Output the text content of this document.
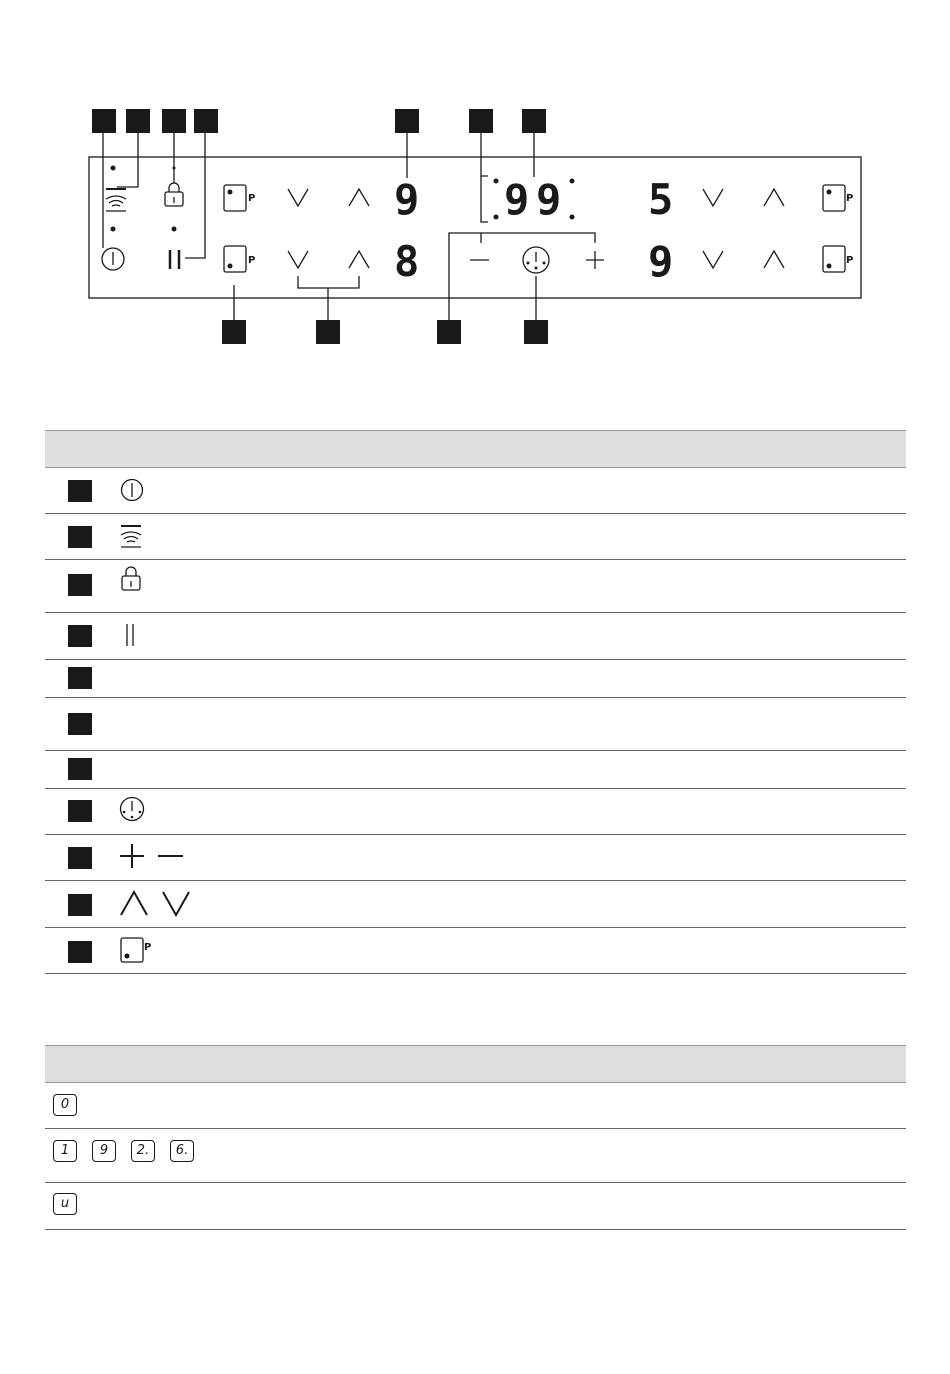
P
P
P
P
9
8
9 9 5
9
P
0
1	9	2.	6.
u
